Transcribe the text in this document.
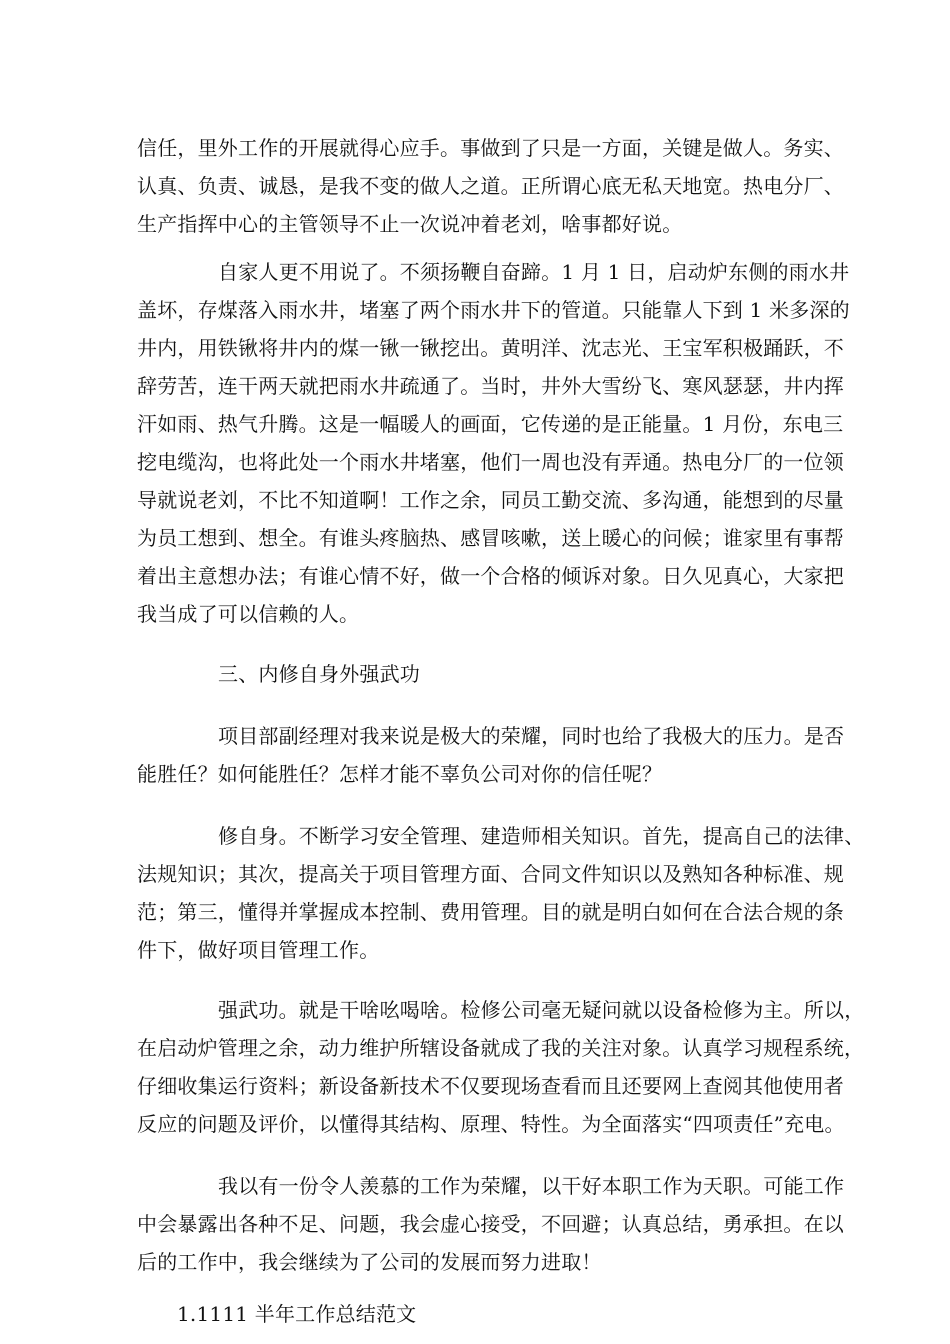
信任，里外工作的开展就得心应手。事做到了只是一方面，关键是做人。务实、
认真、负责、诚恳，是我不变的做人之道。正所谓心底无私天地宽。热电分厂、
生产指挥中心的主管领导不止一次说冲着老刘，啥事都好说。
自家人更不用说了。不须扬鞭自奋蹄。1 月 1 日，启动炉东侧的雨水井
盖坏，存煤落入雨水井，堵塞了两个雨水井下的管道。只能靠人下到 1 米多深的
井内，用铁锹将井内的煤一锹一锹挖出。黄明洋、沈志光、王宝军积极踊跃，不
辞劳苦，连干两天就把雨水井疏通了。当时，井外大雪纷飞、寒风瑟瑟，井内挥
汗如雨、热气升腾。这是一幅暖人的画面，它传递的是正能量。1 月份，东电三
挖电缆沟，也将此处一个雨水井堵塞，他们一周也没有弄通。热电分厂的一位领
导就说老刘，不比不知道啊！工作之余，同员工勤交流、多沟通，能想到的尽量
为员工想到、想全。有谁头疼脑热、感冒咳嗽，送上暖心的问候；谁家里有事帮
着出主意想办法；有谁心情不好，做一个合格的倾诉对象。日久见真心，大家把
我当成了可以信赖的人。
三、内修自身外强武功
项目部副经理对我来说是极大的荣耀，同时也给了我极大的压力。是否
能胜任？如何能胜任？怎样才能不辜负公司对你的信任呢？
修自身。不断学习安全管理、建造师相关知识。首先，提高自己的法律、
法规知识；其次，提高关于项目管理方面、合同文件知识以及熟知各种标准、规
范；第三，懂得并掌握成本控制、费用管理。目的就是明白如何在合法合规的条
件下，做好项目管理工作。
强武功。就是干啥吆喝啥。检修公司毫无疑问就以设备检修为主。所以，
在启动炉管理之余，动力维护所辖设备就成了我的关注对象。认真学习规程系统，
仔细收集运行资料；新设备新技术不仅要现场查看而且还要网上查阅其他使用者
反应的问题及评价，以懂得其结构、原理、特性。为全面落实“四项责任”充电。
我以有一份令人羡慕的工作为荣耀，以干好本职工作为天职。可能工作
中会暴露出各种不足、问题，我会虚心接受，不回避；认真总结，勇承担。在以
后的工作中，我会继续为了公司的发展而努力进取！
1.1111 半年工作总结范文
